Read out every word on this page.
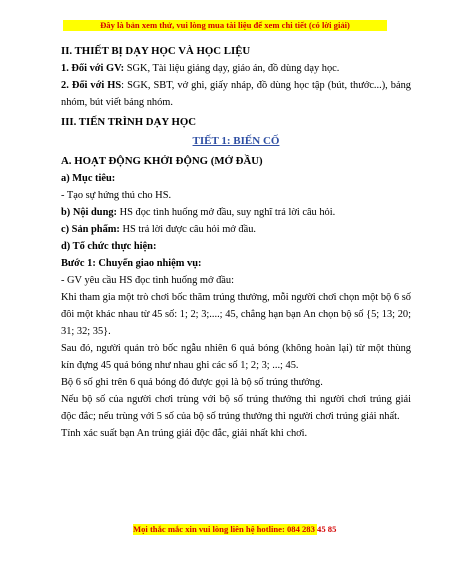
Đây là bản xem thử, vui lòng mua tài liệu để xem chi tiết (có lời giải)

II. THIẾT BỊ DẠY HỌC VÀ HỌC LIỆU

1. Đối với GV: SGK, Tài liệu giảng dạy, giáo án, đồ dùng dạy học.

2. Đối với HS: SGK, SBT, vở ghi, giấy nháp, đồ dùng học tập (bút, thước...), bảng nhóm, bút viết bảng nhóm.

III. TIẾN TRÌNH DẠY HỌC

TIẾT 1: BIẾN CỐ

A. HOẠT ĐỘNG KHỞI ĐỘNG (MỞ ĐẦU)

a) Mục tiêu:

- Tạo sự hứng thú cho HS.

b) Nội dung: HS đọc tình huống mở đầu, suy nghĩ trả lời câu hỏi.

c) Sản phẩm: HS trả lời được câu hỏi mở đầu.

d) Tổ chức thực hiện:

Bước 1: Chuyển giao nhiệm vụ:

- GV yêu cầu HS đọc tình huống mở đầu:

Khi tham gia một trò chơi bốc thăm trúng thưởng, mỗi người chơi chọn một bộ 6 số đôi một khác nhau từ 45 số: 1; 2; 3;....; 45, chẳng hạn bạn An chọn bộ số {5; 13; 20; 31; 32; 35}.

Sau đó, người quản trò bốc ngẫu nhiên 6 quả bóng (không hoàn lại) từ một thùng kín đựng 45 quả bóng như nhau ghi các số 1; 2; 3; ...; 45.

Bộ 6 số ghi trên 6 quả bóng đó được gọi là bộ số trúng thưởng.

Nếu bộ số của người chơi trùng với bộ số trúng thưởng thì người chơi trúng giải độc đắc; nếu trùng với 5 số của bộ số trúng thưởng thì người chơi trúng giải nhất.

Tính xác suất bạn An trúng giải độc đắc, giải nhất khi chơi.

Mọi thắc mắc xin vui lòng liên hệ hotline: 084 283 45 85
